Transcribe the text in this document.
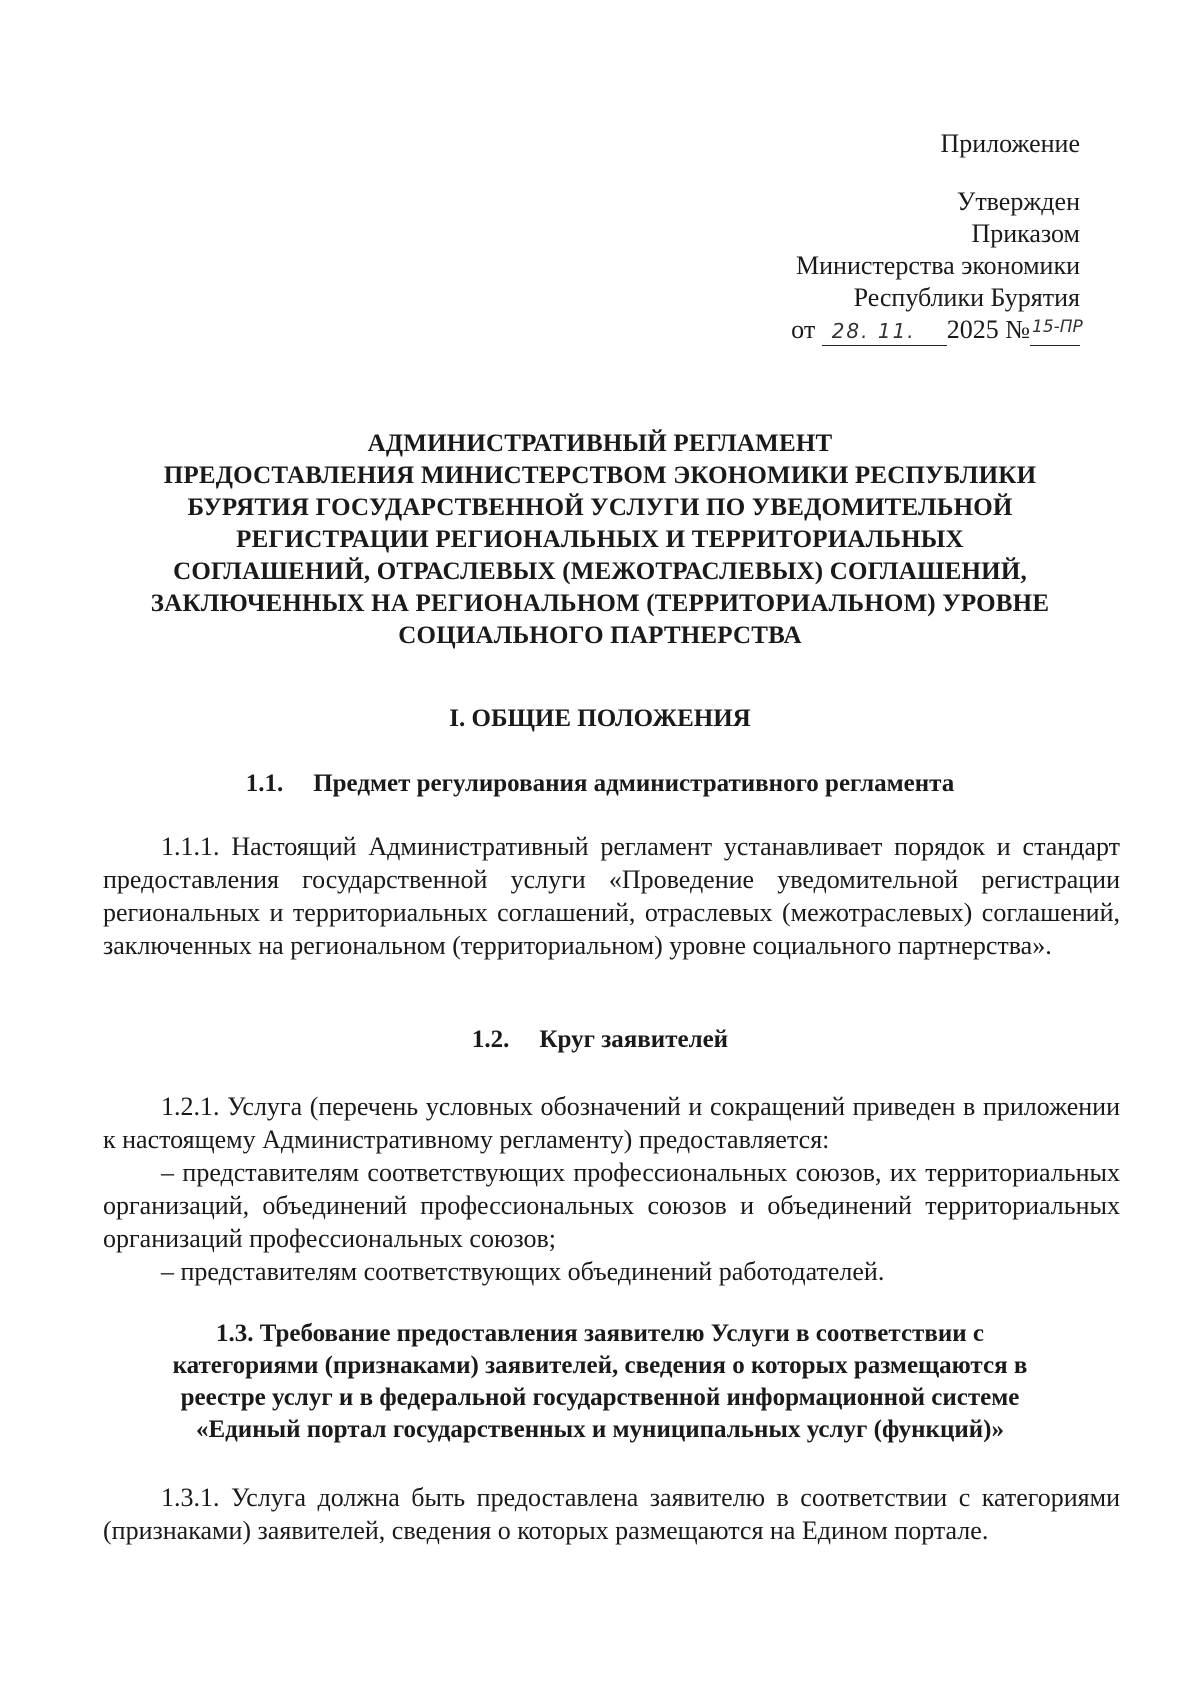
Приложение
Утвержден
Приказом
Министерства экономики
Республики Бурятия
от 28. 11. 2025 № 15-ПР
АДМИНИСТРАТИВНЫЙ РЕГЛАМЕНТ
ПРЕДОСТАВЛЕНИЯ МИНИСТЕРСТВОМ ЭКОНОМИКИ РЕСПУБЛИКИ
БУРЯТИЯ ГОСУДАРСТВЕННОЙ УСЛУГИ ПО УВЕДОМИТЕЛЬНОЙ
РЕГИСТРАЦИИ РЕГИОНАЛЬНЫХ И ТЕРРИТОРИАЛЬНЫХ
СОГЛАШЕНИЙ, ОТРАСЛЕВЫХ (МЕЖОТРАСЛЕВЫХ) СОГЛАШЕНИЙ,
ЗАКЛЮЧЕННЫХ НА РЕГИОНАЛЬНОМ (ТЕРРИТОРИАЛЬНОМ) УРОВНЕ
СОЦИАЛЬНОГО ПАРТНЕРСТВА
I. ОБЩИЕ ПОЛОЖЕНИЯ
1.1. Предмет регулирования административного регламента
1.1.1. Настоящий Административный регламент устанавливает порядок и стандарт предоставления государственной услуги «Проведение уведомительной регистрации региональных и территориальных соглашений, отраслевых (межотраслевых) соглашений, заключенных на региональном (территориальном) уровне социального партнерства».
1.2. Круг заявителей
1.2.1. Услуга (перечень условных обозначений и сокращений приведен в приложении к настоящему Административному регламенту) предоставляется:
– представителям соответствующих профессиональных союзов, их территориальных организаций, объединений профессиональных союзов и объединений территориальных организаций профессиональных союзов;
– представителям соответствующих объединений работодателей.
1.3. Требование предоставления заявителю Услуги в соответствии с
категориями (признаками) заявителей, сведения о которых размещаются в
реестре услуг и в федеральной государственной информационной системе
«Единый портал государственных и муниципальных услуг (функций)»
1.3.1. Услуга должна быть предоставлена заявителю в соответствии с категориями (признаками) заявителей, сведения о которых размещаются на Едином портале.
